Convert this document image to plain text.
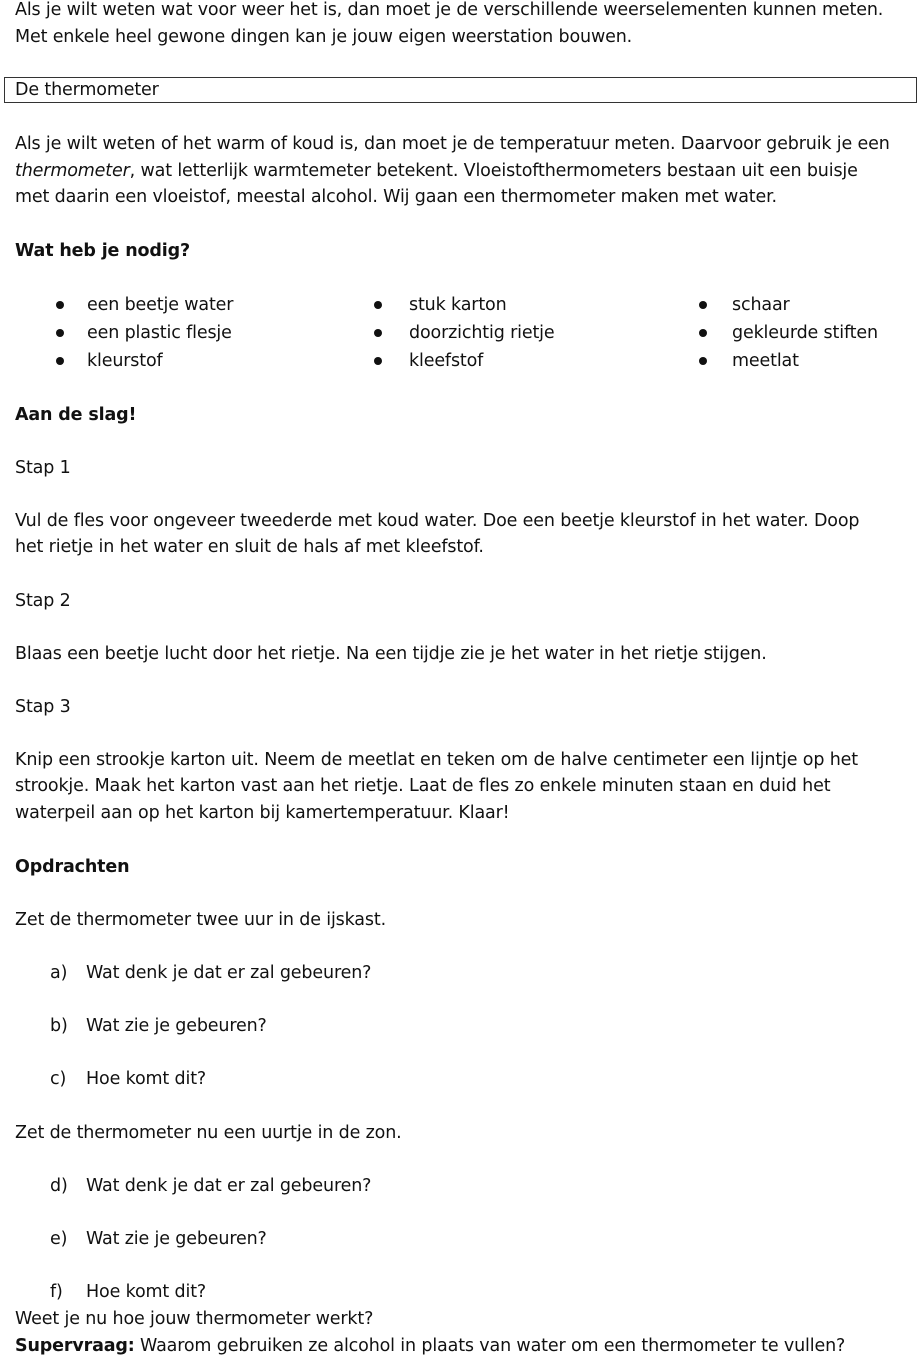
Als je wilt weten wat voor weer het is, dan moet je de verschillende weerselementen kunnen meten.
Met enkele heel gewone dingen kan je jouw eigen weerstation bouwen.
De thermometer
Als je wilt weten of het warm of koud is, dan moet je de temperatuur meten. Daarvoor gebruik je een
thermometer, wat letterlijk warmtemeter betekent. Vloeistofthermometers bestaan uit een buisje
met daarin een vloeistof, meestal alcohol. Wij gaan een thermometer maken met water.
Wat heb je nodig?
een beetje water
een plastic flesje
kleurstof
stuk karton
doorzichtig rietje
kleefstof
schaar
gekleurde stiften
meetlat
Aan de slag!
Stap 1
Vul de fles voor ongeveer tweederde met koud water. Doe een beetje kleurstof in het water. Doop
het rietje in het water en sluit de hals af met kleefstof.
Stap 2
Blaas een beetje lucht door het rietje. Na een tijdje zie je het water in het rietje stijgen.
Stap 3
Knip een strookje karton uit. Neem de meetlat en teken om de halve centimeter een lijntje op het
strookje. Maak het karton vast aan het rietje. Laat de fles zo enkele minuten staan en duid het
waterpeil aan op het karton bij kamertemperatuur. Klaar!
Opdrachten
Zet de thermometer twee uur in de ijskast.
a) Wat denk je dat er zal gebeuren?
b) Wat zie je gebeuren?
c) Hoe komt dit?
Zet de thermometer nu een uurtje in de zon.
d) Wat denk je dat er zal gebeuren?
e) Wat zie je gebeuren?
f) Hoe komt dit?
Weet je nu hoe jouw thermometer werkt?
Supervraag: Waarom gebruiken ze alcohol in plaats van water om een thermometer te vullen?
